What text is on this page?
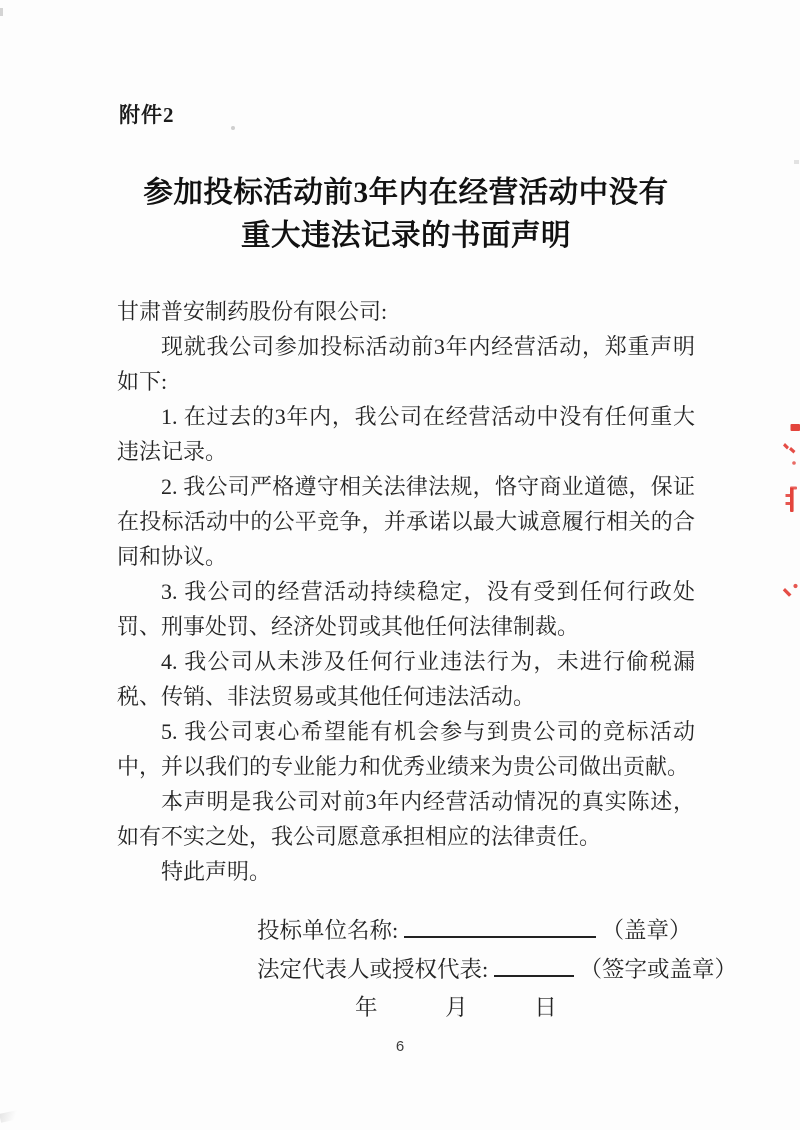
附件2
参加投标活动前3年内在经营活动中没有
重大违法记录的书面声明

甘肃普安制药股份有限公司:

现就我公司参加投标活动前3年内经营活动，郑重声明如下:

1. 在过去的3年内，我公司在经营活动中没有任何重大违法记录。

2. 我公司严格遵守相关法律法规，恪守商业道德，保证在投标活动中的公平竞争，并承诺以最大诚意履行相关的合同和协议。

3. 我公司的经营活动持续稳定，没有受到任何行政处罚、刑事处罚、经济处罚或其他任何法律制裁。

4. 我公司从未涉及任何行业违法行为，未进行偷税漏税、传销、非法贸易或其他任何违法活动。

5. 我公司衷心希望能有机会参与到贵公司的竞标活动中，并以我们的专业能力和优秀业绩来为贵公司做出贡献。

本声明是我公司对前3年内经营活动情况的真实陈述，如有不实之处，我公司愿意承担相应的法律责任。

特此声明。

投标单位名称:	（盖章）
法定代表人或授权代表:	（签字或盖章）
年	月	日
6
